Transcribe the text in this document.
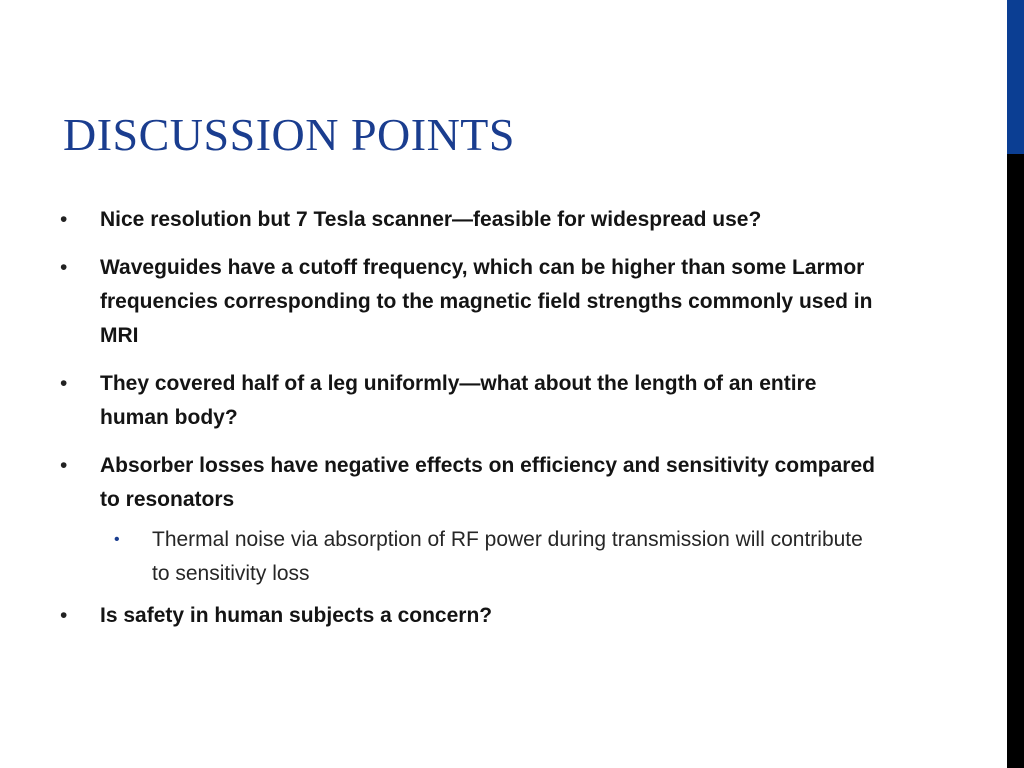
DISCUSSION POINTS
• Nice resolution but 7 Tesla scanner—feasible for widespread use?
• Waveguides have a cutoff frequency, which can be higher than some Larmor frequencies corresponding to the magnetic field strengths commonly used in MRI
• They covered half of a leg uniformly—what about the length of an entire human body?
• Absorber losses have negative effects on efficiency and sensitivity compared to resonators
• Thermal noise via absorption of RF power during transmission will contribute to sensitivity loss
• Is safety in human subjects a concern?
